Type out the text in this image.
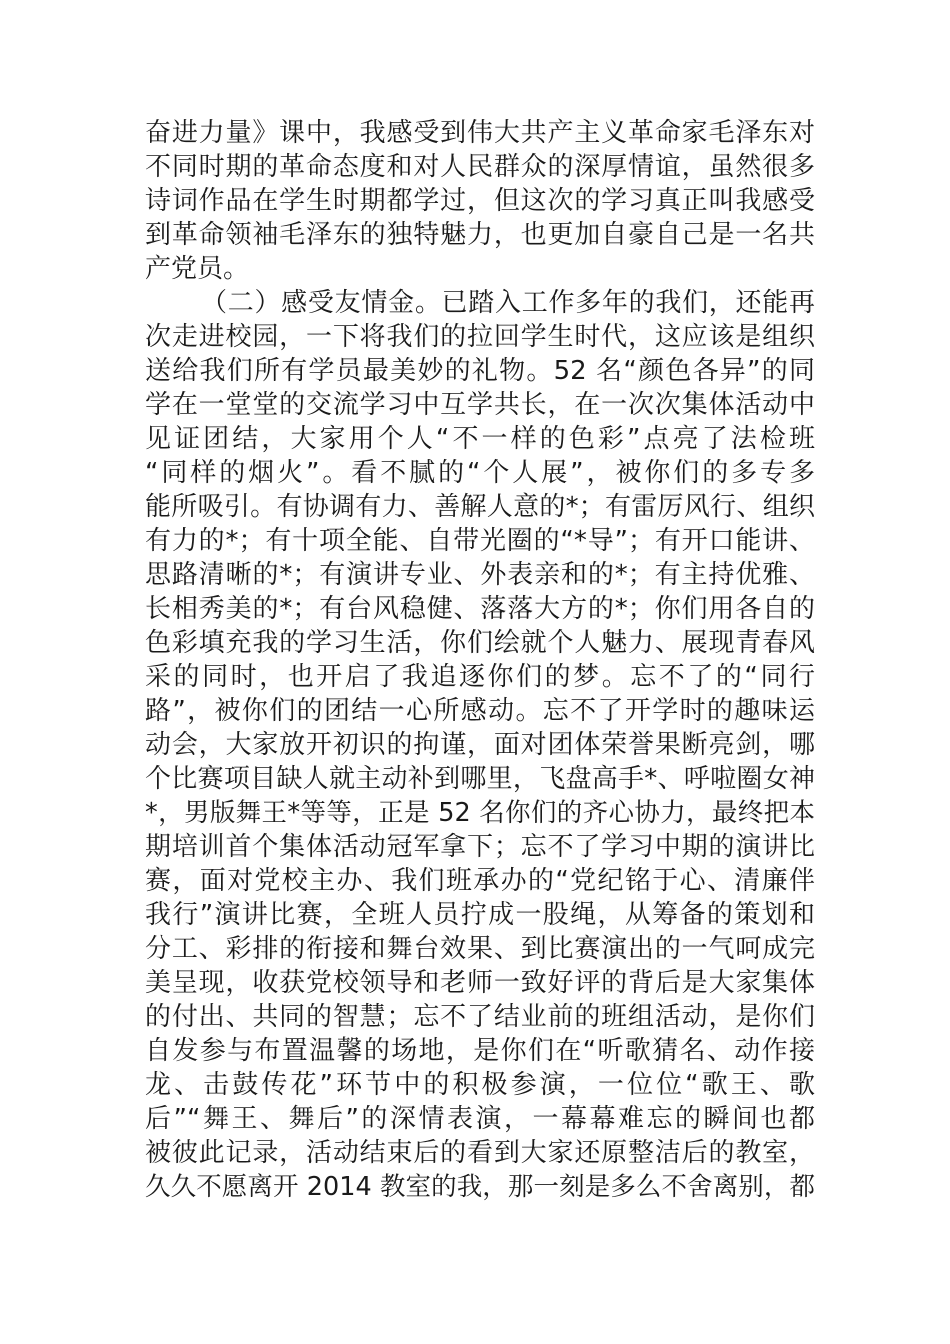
奋进力量》课中，我感受到伟大共产主义革命家毛泽东对
不同时期的革命态度和对人民群众的深厚情谊，虽然很多
诗词作品在学生时期都学过，但这次的学习真正叫我感受
到革命领袖毛泽东的独特魅力，也更加自豪自己是一名共
产党员。
（二）感受友情金。已踏入工作多年的我们，还能再
次走进校园，一下将我们的拉回学生时代，这应该是组织
送给我们所有学员最美妙的礼物。52 名“颜色各异”的同
学在一堂堂的交流学习中互学共长，在一次次集体活动中
见证团结，大家用个人“不一样的色彩”点亮了法检班
“同样的烟火”。看不腻的“个人展”，被你们的多专多
能所吸引。有协调有力、善解人意的*；有雷厉风行、组织
有力的*；有十项全能、自带光圈的“*导”；有开口能讲、
思路清晰的*；有演讲专业、外表亲和的*；有主持优雅、
长相秀美的*；有台风稳健、落落大方的*；你们用各自的
色彩填充我的学习生活，你们绘就个人魅力、展现青春风
采的同时，也开启了我追逐你们的梦。忘不了的“同行
路”，被你们的团结一心所感动。忘不了开学时的趣味运
动会，大家放开初识的拘谨，面对团体荣誉果断亮剑，哪
个比赛项目缺人就主动补到哪里，飞盘高手*、呼啦圈女神
*，男版舞王*等等，正是 52 名你们的齐心协力，最终把本
期培训首个集体活动冠军拿下；忘不了学习中期的演讲比
赛，面对党校主办、我们班承办的“党纪铭于心、清廉伴
我行”演讲比赛，全班人员拧成一股绳，从筹备的策划和
分工、彩排的衔接和舞台效果、到比赛演出的一气呵成完
美呈现，收获党校领导和老师一致好评的背后是大家集体
的付出、共同的智慧；忘不了结业前的班组活动，是你们
自发参与布置温馨的场地，是你们在“听歌猜名、动作接
龙、击鼓传花”环节中的积极参演，一位位“歌王、歌
后”“舞王、舞后”的深情表演，一幕幕难忘的瞬间也都
被彼此记录，活动结束后的看到大家还原整洁后的教室，
久久不愿离开 2014 教室的我，那一刻是多么不舍离别，都
